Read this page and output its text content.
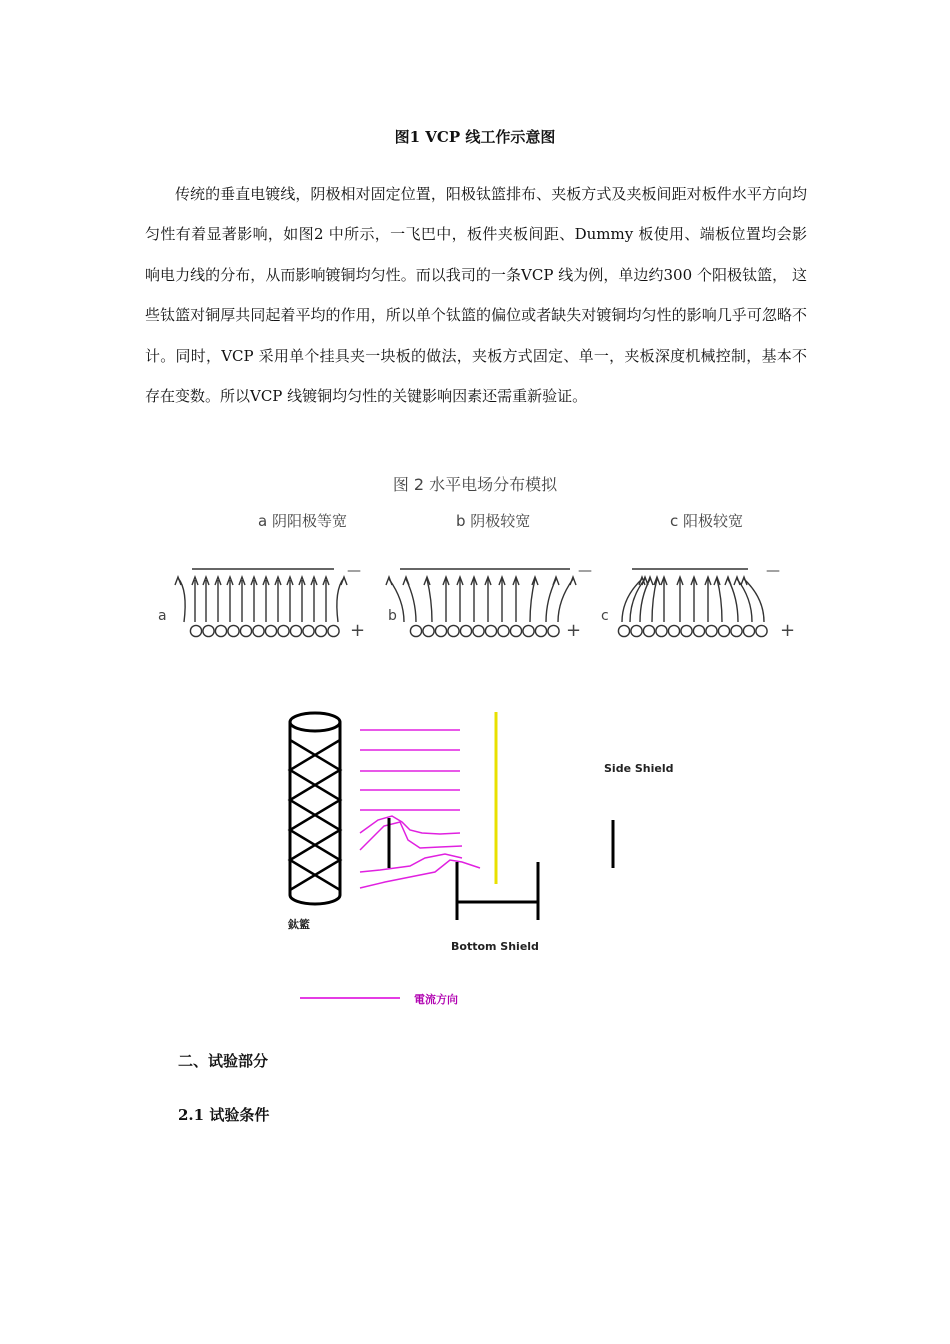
图1 VCP 线工作示意图
传统的垂直电镀线，阴极相对固定位置，阳极钛篮排布、夹板方式及夹板间距对板件水平方向均匀性有着显著影响，如图2 中所示，一飞巴中，板件夹板间距、Dummy 板使用、端板位置均会影响电力线的分布，从而影响镀铜均匀性。而以我司的一条VCP 线为例，单边约300 个阳极钛篮， 这些钛篮对铜厚共同起着平均的作用，所以单个钛篮的偏位或者缺失对镀铜均匀性的影响几乎可忽略不计。同时，VCP 采用单个挂具夹一块板的做法，夹板方式固定、单一，夹板深度机械控制，基本不存在变数。所以VCP 线镀铜均匀性的关键影响因素还需重新验证。
图 2 水平电场分布模拟
a 阴阳极等宽	b 阴极较宽	c 阳极较宽
a
—
+
b
—
+
c
—
+
鈦籃
Side Shield
Bottom Shield
電流方向
二、试验部分
2.1 试验条件
